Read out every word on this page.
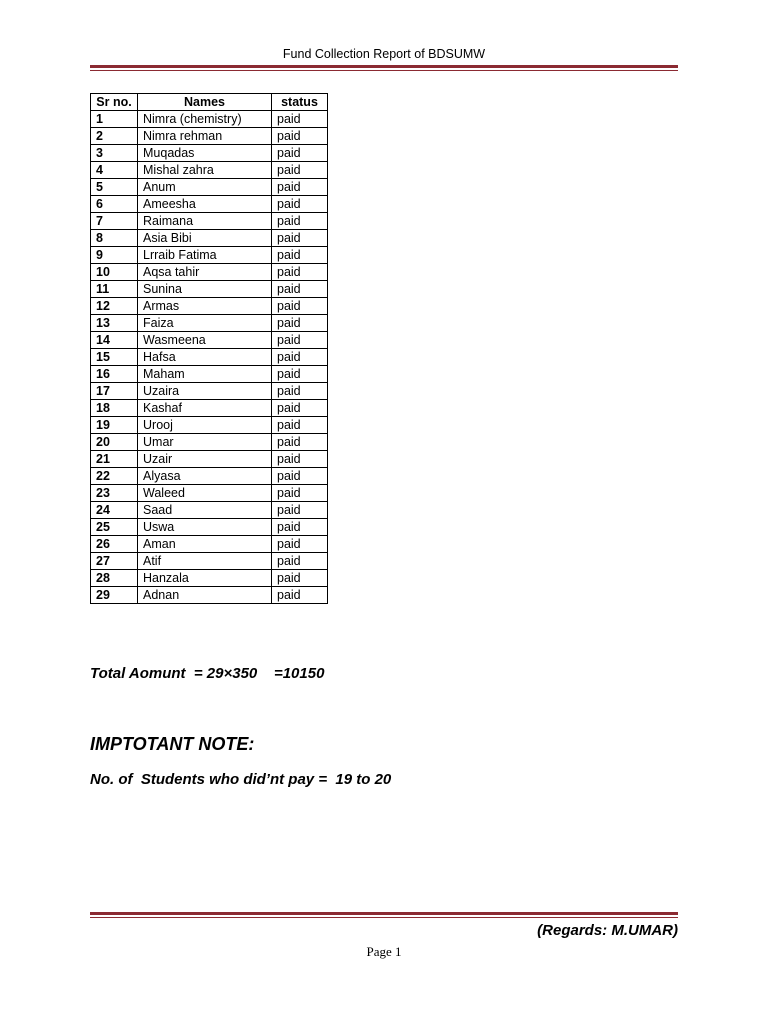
Fund Collection Report of BDSUMW
Sr no.	Names	status
1	Nimra (chemistry)	paid
2	Nimra rehman	paid
3	Muqadas	paid
4	Mishal zahra	paid
5	Anum	paid
6	Ameesha	paid
7	Raimana	paid
8	Asia Bibi	paid
9	Lrraib Fatima	paid
10	Aqsa tahir	paid
11	Sunina	paid
12	Armas	paid
13	Faiza	paid
14	Wasmeena	paid
15	Hafsa	paid
16	Maham	paid
17	Uzaira	paid
18	Kashaf	paid
19	Urooj	paid
20	Umar	paid
21	Uzair	paid
22	Alyasa	paid
23	Waleed	paid
24	Saad	paid
25	Uswa	paid
26	Aman	paid
27	Atif	paid
28	Hanzala	paid
29	Adnan	paid
Total Aomunt  = 29×350    =10150
IMPTOTANT NOTE:
No. of  Students who did’nt pay =  19 to 20
(Regards: M.UMAR)
Page 1
